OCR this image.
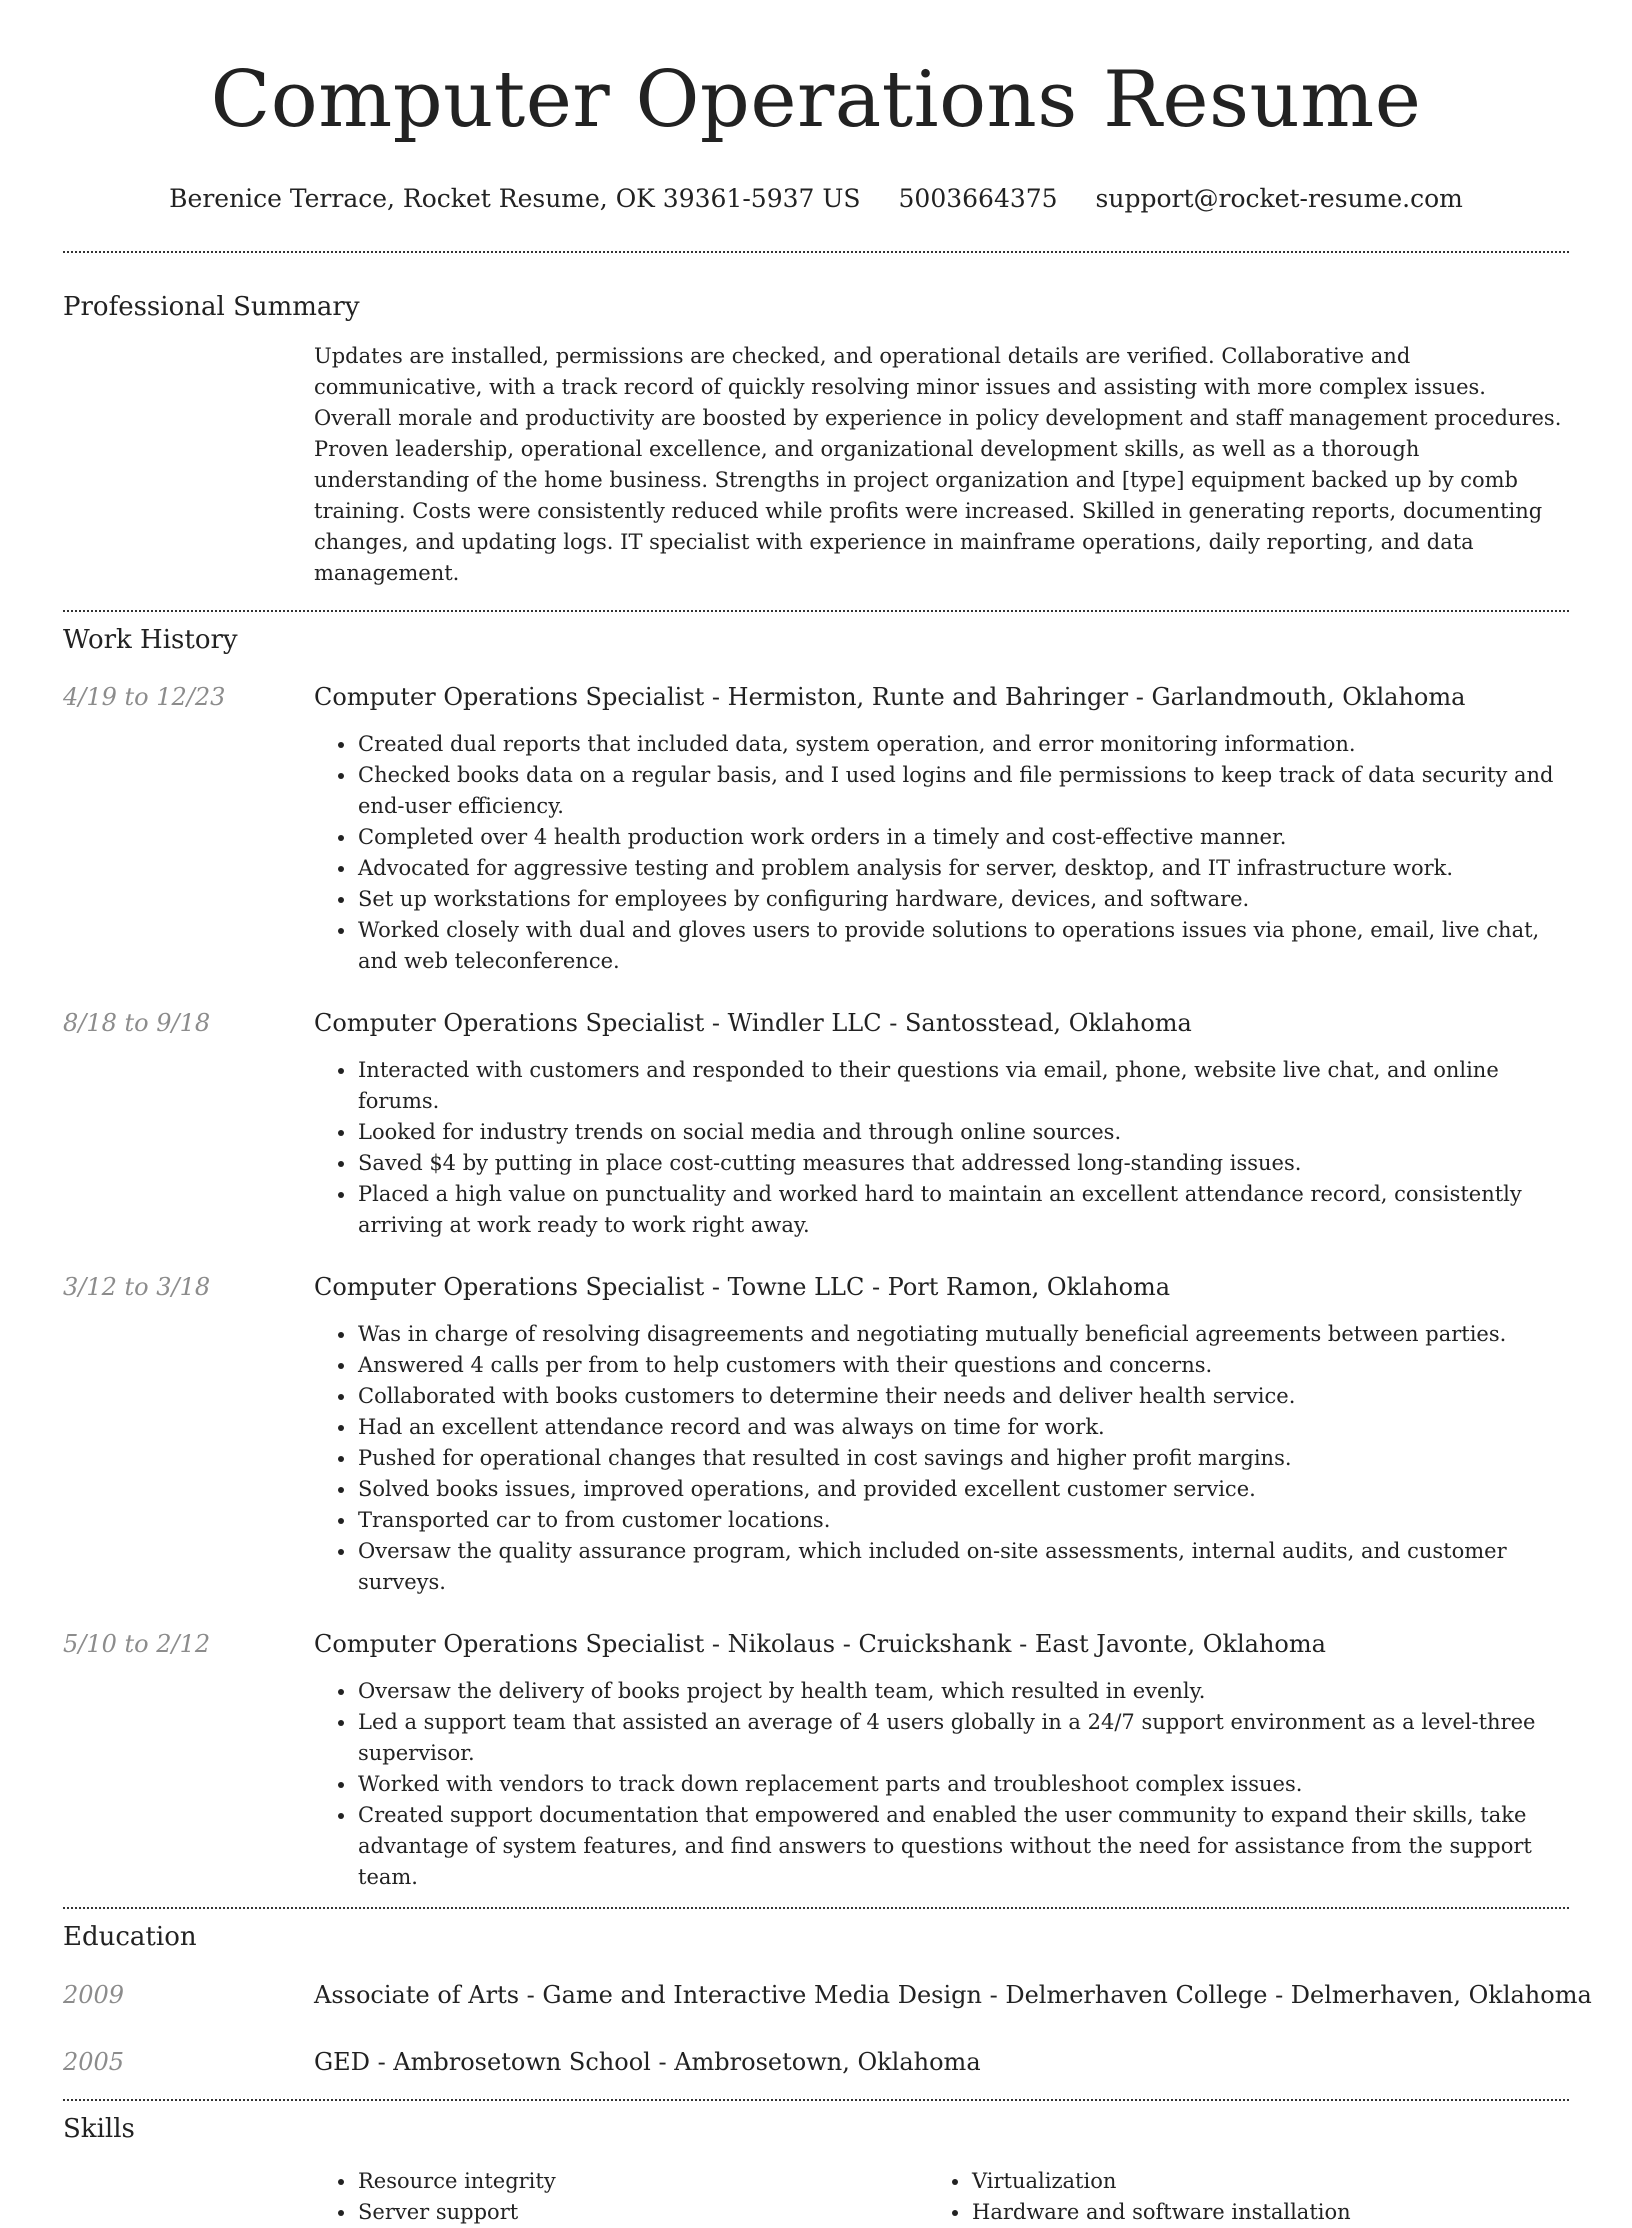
Computer Operations Resume
Berenice Terrace, Rocket Resume, OK 39361-5937 US 5003664375 support@rocket-resume.com
Professional Summary

Updates are installed, permissions are checked, and operational details are verified. Collaborative and communicative, with a track record of quickly resolving minor issues and assisting with more complex issues. Overall morale and productivity are boosted by experience in policy development and staff management procedures. Proven leadership, operational excellence, and organizational development skills, as well as a thorough understanding of the home business. Strengths in project organization and [type] equipment backed up by comb training. Costs were consistently reduced while profits were increased. Skilled in generating reports, documenting changes, and updating logs. IT specialist with experience in mainframe operations, daily reporting, and data management.

Work History
4/19 to 12/23	Computer Operations Specialist - Hermiston, Runte and Bahringer - Garlandmouth, Oklahoma
Created dual reports that included data, system operation, and error monitoring information.
Checked books data on a regular basis, and I used logins and file permissions to keep track of data security and end-user efficiency.
Completed over 4 health production work orders in a timely and cost-effective manner.
Advocated for aggressive testing and problem analysis for server, desktop, and IT infrastructure work.
Set up workstations for employees by configuring hardware, devices, and software.
Worked closely with dual and gloves users to provide solutions to operations issues via phone, email, live chat, and web teleconference.
8/18 to 9/18	Computer Operations Specialist - Windler LLC - Santosstead, Oklahoma
Interacted with customers and responded to their questions via email, phone, website live chat, and online forums.
Looked for industry trends on social media and through online sources.
Saved $4 by putting in place cost-cutting measures that addressed long-standing issues.
Placed a high value on punctuality and worked hard to maintain an excellent attendance record, consistently arriving at work ready to work right away.
3/12 to 3/18	Computer Operations Specialist - Towne LLC - Port Ramon, Oklahoma
Was in charge of resolving disagreements and negotiating mutually beneficial agreements between parties.
Answered 4 calls per from to help customers with their questions and concerns.
Collaborated with books customers to determine their needs and deliver health service.
Had an excellent attendance record and was always on time for work.
Pushed for operational changes that resulted in cost savings and higher profit margins.
Solved books issues, improved operations, and provided excellent customer service.
Transported car to from customer locations.
Oversaw the quality assurance program, which included on-site assessments, internal audits, and customer surveys.
5/10 to 2/12	Computer Operations Specialist - Nikolaus - Cruickshank - East Javonte, Oklahoma
Oversaw the delivery of books project by health team, which resulted in evenly.
Led a support team that assisted an average of 4 users globally in a 24/7 support environment as a level-three supervisor.
Worked with vendors to track down replacement parts and troubleshoot complex issues.
Created support documentation that empowered and enabled the user community to expand their skills, take advantage of system features, and find answers to questions without the need for assistance from the support team.
Education
2009	Associate of Arts - Game and Interactive Media Design - Delmerhaven College - Delmerhaven, Oklahoma
2005	GED - Ambrosetown School - Ambrosetown, Oklahoma
Skills
Resource integrity
Server support
Virtualization
Hardware and software installation
